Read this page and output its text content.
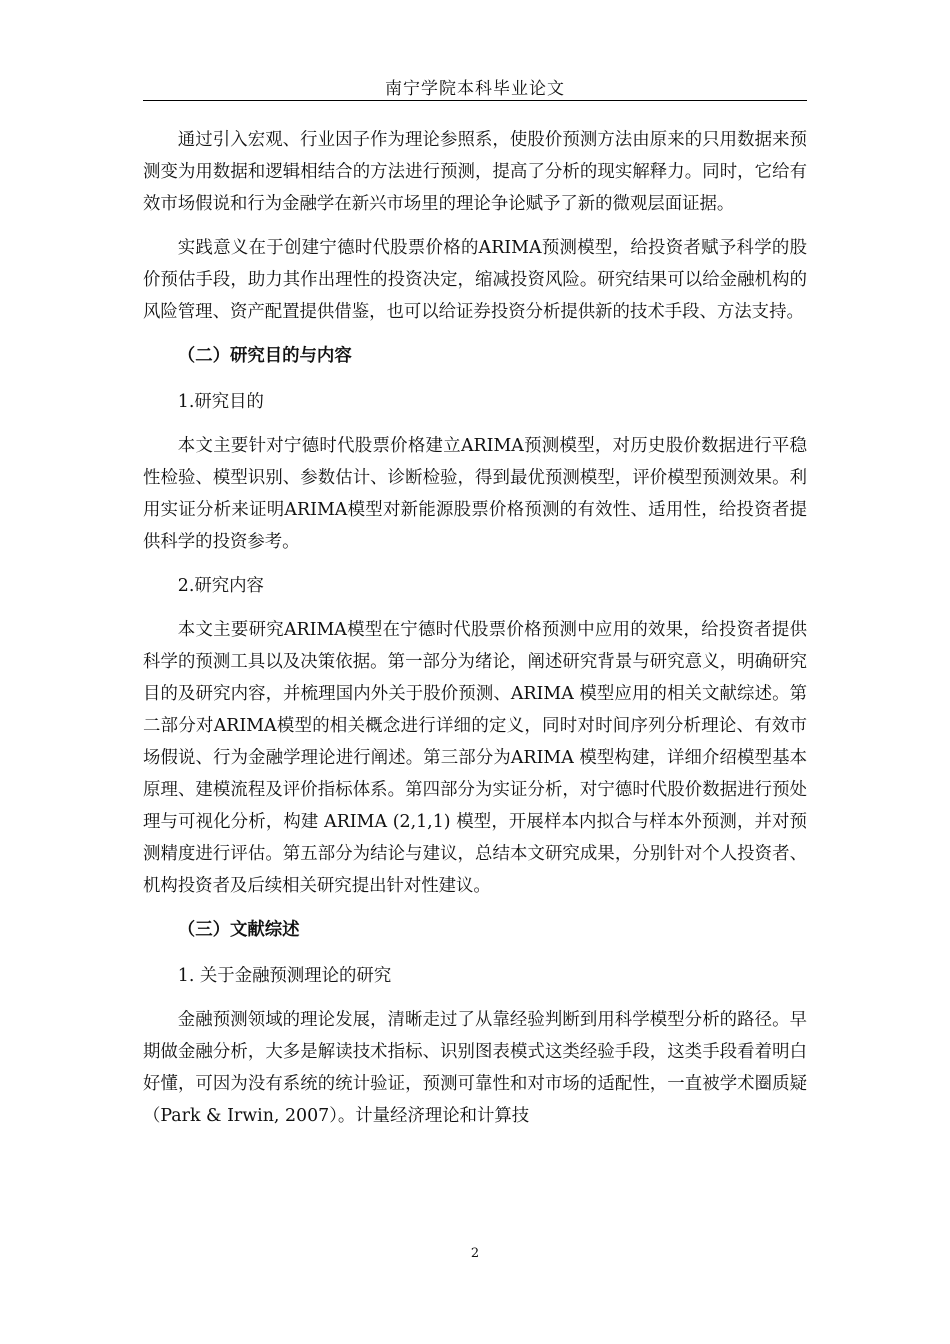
南宁学院本科毕业论文

通过引入宏观、行业因子作为理论参照系，使股价预测方法由原来的只用数据来预测变为用数据和逻辑相结合的方法进行预测，提高了分析的现实解释力。同时，它给有效市场假说和行为金融学在新兴市场里的理论争论赋予了新的微观层面证据。

实践意义在于创建宁德时代股票价格的ARIMA预测模型，给投资者赋予科学的股价预估手段，助力其作出理性的投资决定，缩减投资风险。研究结果可以给金融机构的风险管理、资产配置提供借鉴，也可以给证券投资分析提供新的技术手段、方法支持。

（二）研究目的与内容
1.研究目的

本文主要针对宁德时代股票价格建立ARIMA预测模型，对历史股价数据进行平稳性检验、模型识别、参数估计、诊断检验，得到最优预测模型，评价模型预测效果。利用实证分析来证明ARIMA模型对新能源股票价格预测的有效性、适用性，给投资者提供科学的投资参考。

2.研究内容

本文主要研究ARIMA模型在宁德时代股票价格预测中应用的效果，给投资者提供科学的预测工具以及决策依据。第一部分为绪论，阐述研究背景与研究意义，明确研究目的及研究内容，并梳理国内外关于股价预测、ARIMA 模型应用的相关文献综述。第二部分对ARIMA模型的相关概念进行详细的定义，同时对时间序列分析理论、有效市场假说、行为金融学理论进行阐述。第三部分为ARIMA 模型构建，详细介绍模型基本原理、建模流程及评价指标体系。第四部分为实证分析，对宁德时代股价数据进行预处理与可视化分析，构建 ARIMA (2,1,1) 模型，开展样本内拟合与样本外预测，并对预测精度进行评估。第五部分为结论与建议，总结本文研究成果，分别针对个人投资者、机构投资者及后续相关研究提出针对性建议。

（三）文献综述
1. 关于金融预测理论的研究

金融预测领域的理论发展，清晰走过了从靠经验判断到用科学模型分析的路径。早期做金融分析，大多是解读技术指标、识别图表模式这类经验手段，这类手段看着明白好懂，可因为没有系统的统计验证，预测可靠性和对市场的适配性，一直被学术圈质疑（Park & Irwin, 2007）。计量经济理论和计算技

2
